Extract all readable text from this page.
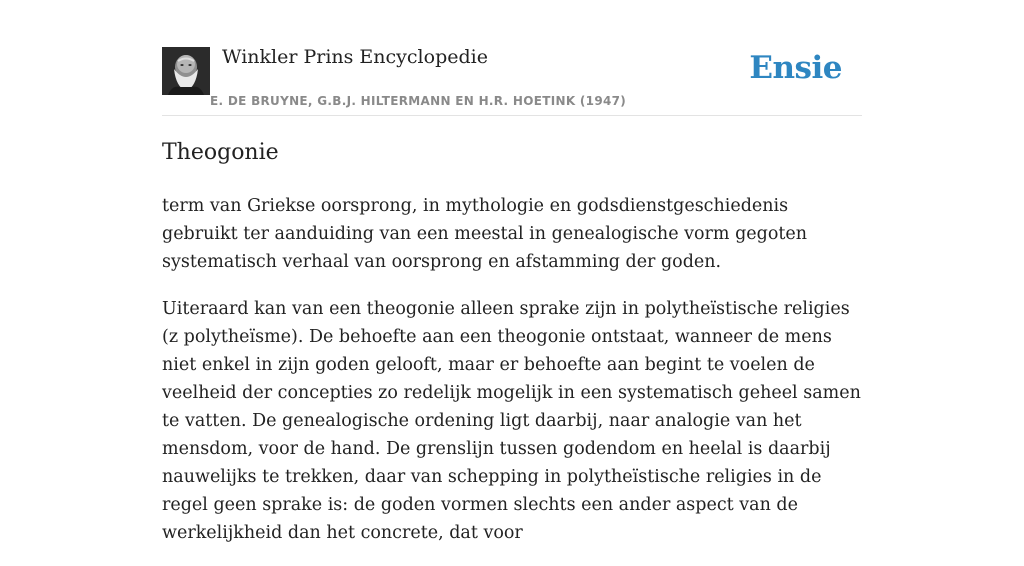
Winkler Prins Encyclopedie
E. DE BRUYNE, G.B.J. HILTERMANN EN H.R. HOETINK (1947)
Ensie
Theogonie

term van Griekse oorsprong, in mythologie en godsdienstgeschiedenis gebruikt ter aanduiding van een meestal in genealogische vorm gegoten systematisch verhaal van oorsprong en afstamming der goden.

Uiteraard kan van een theogonie alleen sprake zijn in polytheïstische religies (z polytheïsme). De behoefte aan een theogonie ontstaat, wanneer de mens niet enkel in zijn goden gelooft, maar er behoefte aan begint te voelen de veelheid der concepties zo redelijk mogelijk in een systematisch geheel samen te vatten. De genealogische ordening ligt daarbij, naar analogie van het mensdom, voor de hand. De grenslijn tussen godendom en heelal is daarbij nauwelijks te trekken, daar van schepping in polytheïstische religies in de regel geen sprake is: de goden vormen slechts een ander aspect van de werkelijkheid dan het concrete, dat voor
